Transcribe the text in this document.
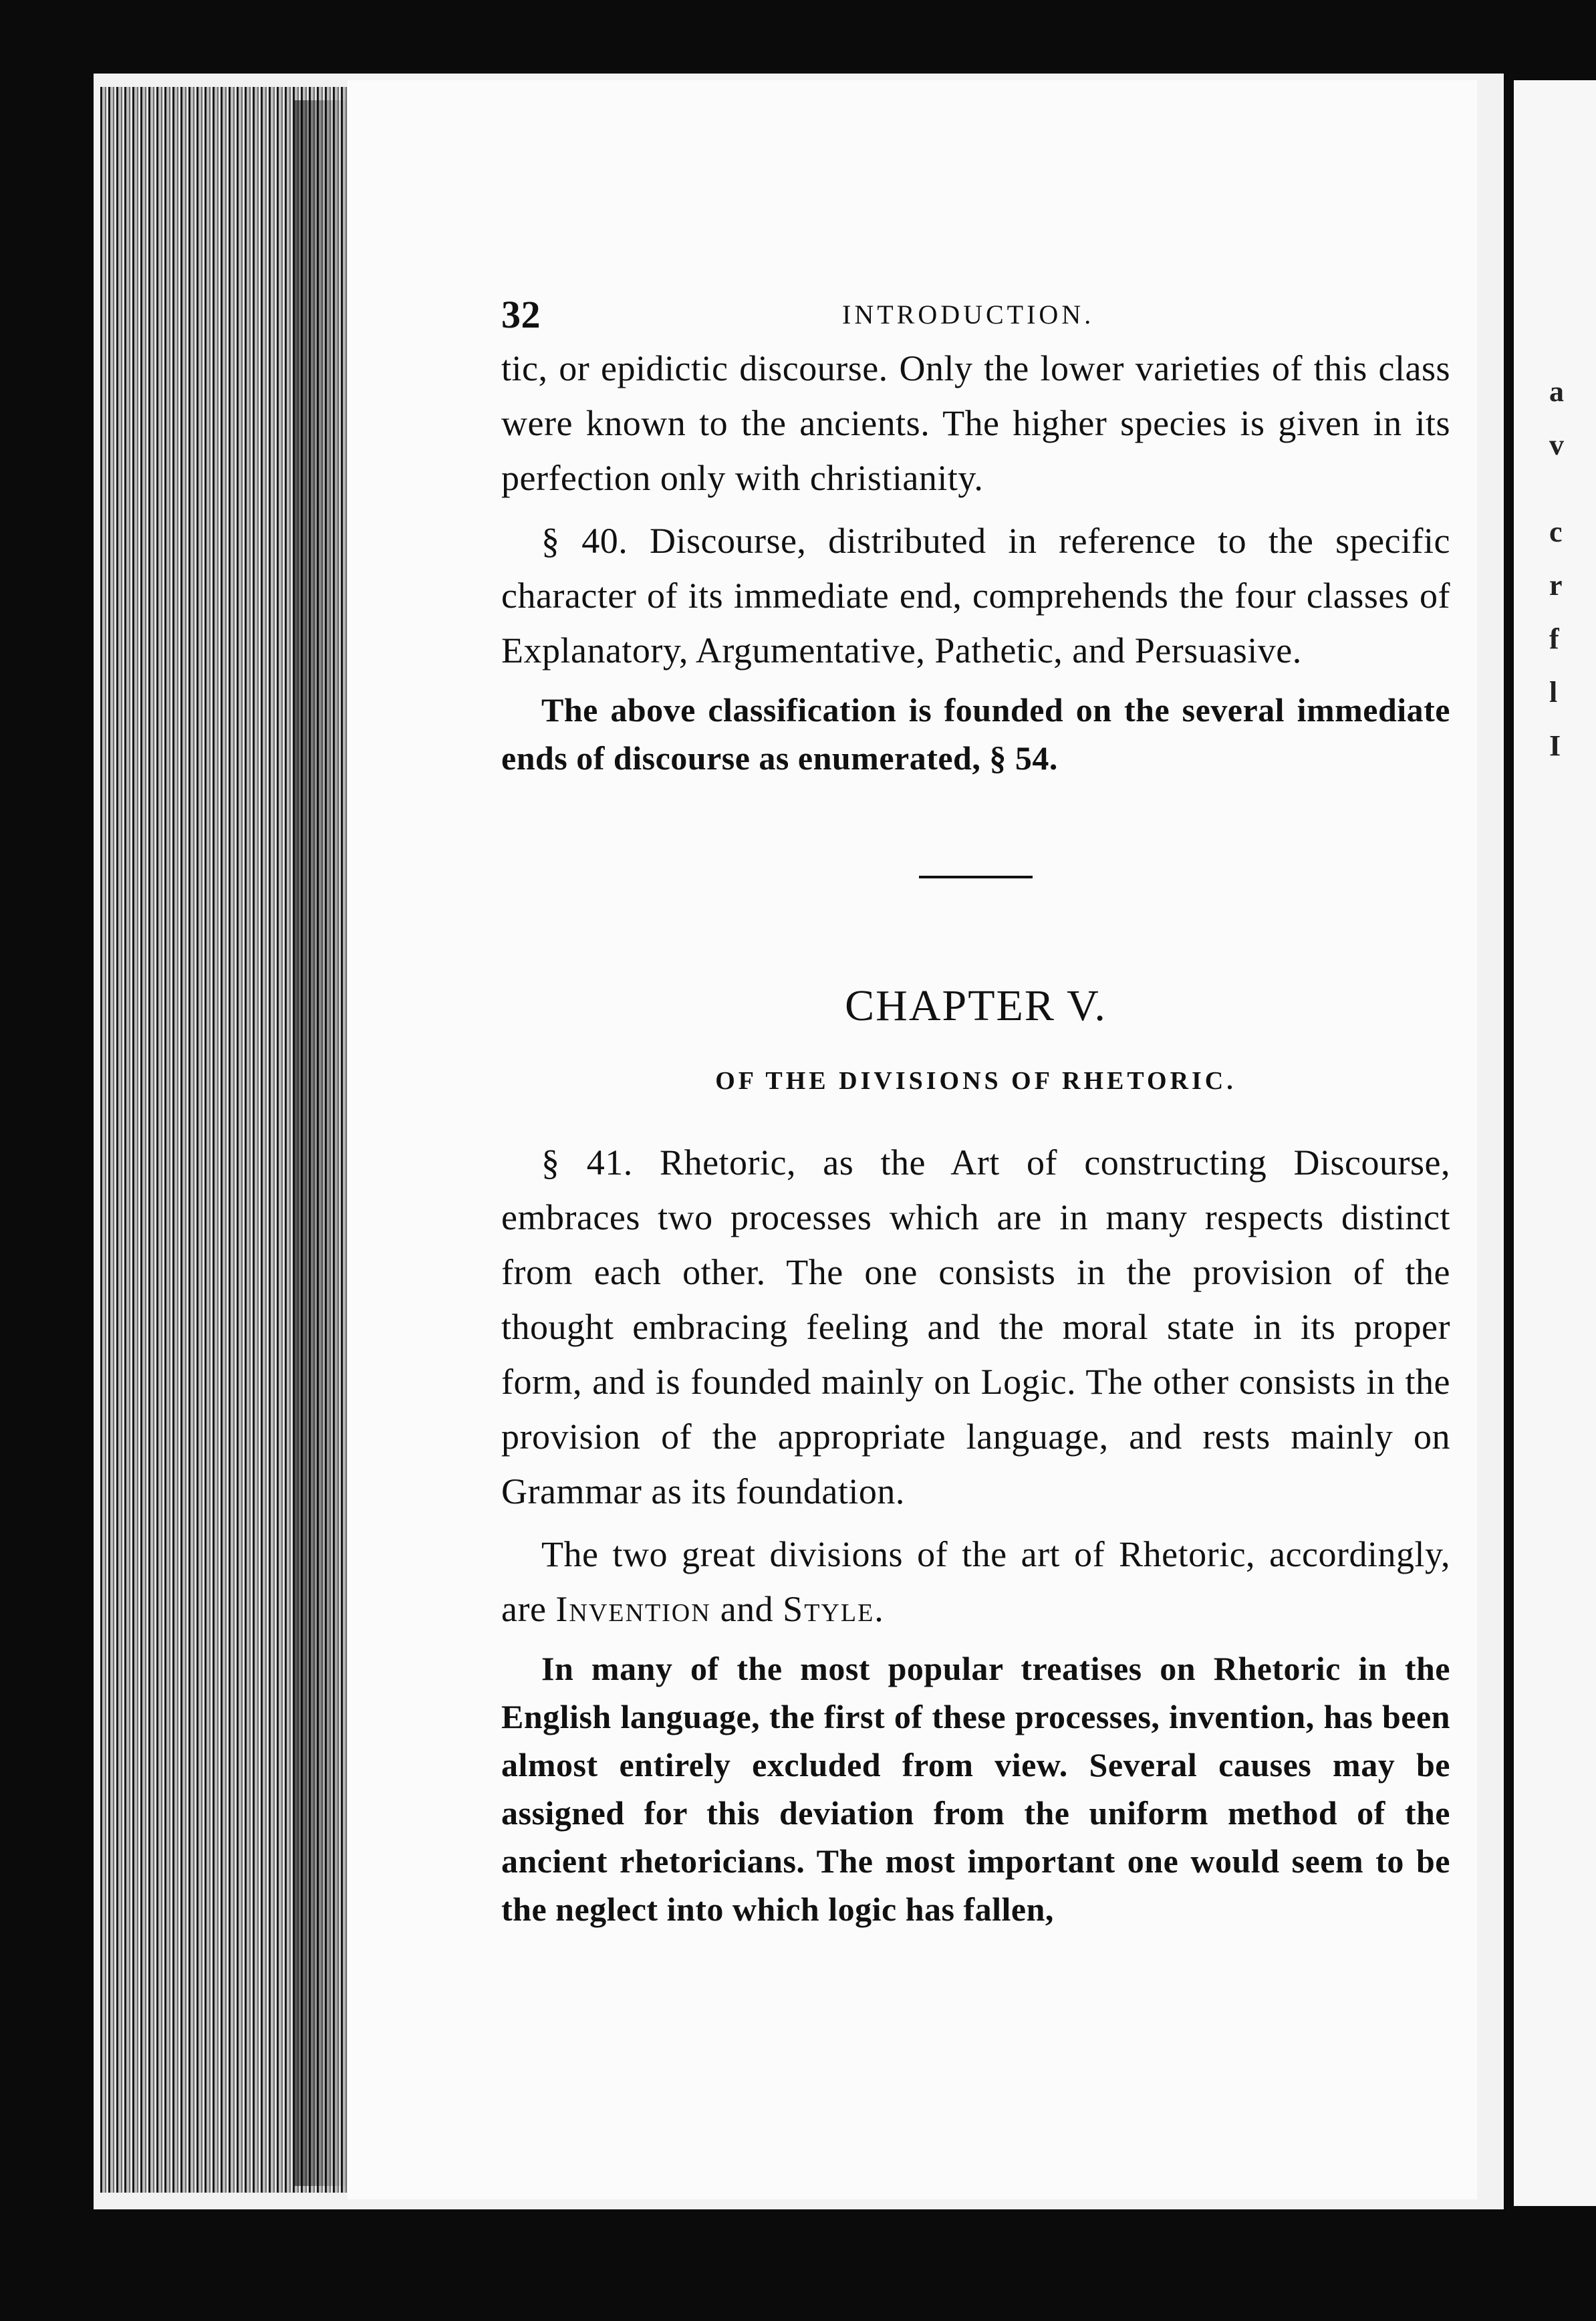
a
v
c
r
f
l
I
32	INTRODUCTION.

tic, or epidictic discourse. Only the lower varieties of this class were known to the ancients. The higher species is given in its perfection only with christianity.

§ 40. Discourse, distributed in reference to the specific character of its immediate end, comprehends the four classes of Explanatory, Argumentative, Pathetic, and Persuasive.

The above classification is founded on the several immediate ends of discourse as enumerated, § 54.

CHAPTER V.
OF THE DIVISIONS OF RHETORIC.

§ 41. Rhetoric, as the Art of constructing Discourse, embraces two processes which are in many respects distinct from each other. The one consists in the provision of the thought embracing feeling and the moral state in its proper form, and is founded mainly on Logic. The other consists in the provision of the appropriate language, and rests mainly on Grammar as its foundation.

The two great divisions of the art of Rhetoric, accordingly, are Invention and Style.

In many of the most popular treatises on Rhetoric in the English language, the first of these processes, invention, has been almost entirely excluded from view. Several causes may be assigned for this deviation from the uniform method of the ancient rhetoricians. The most important one would seem to be the neglect into which logic has fallen,
